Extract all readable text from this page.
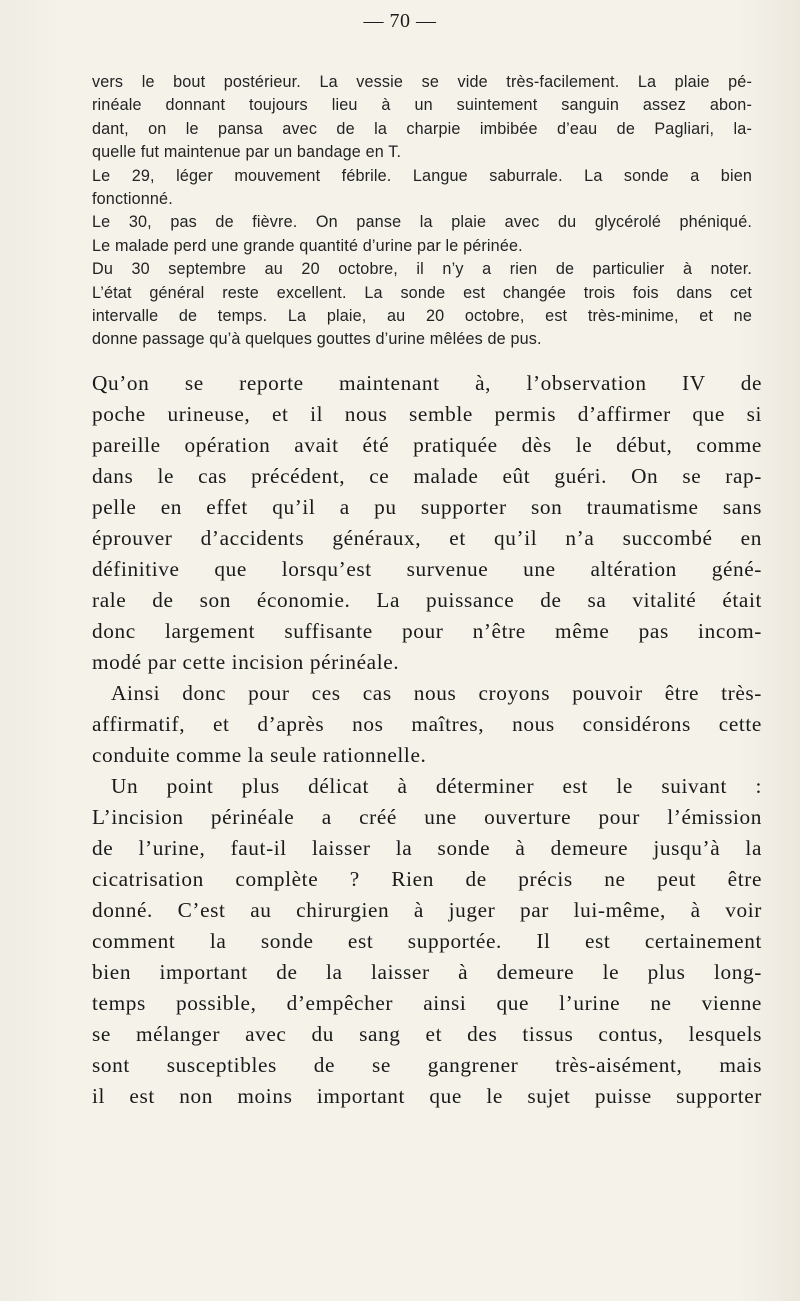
— 70 —
vers le bout postérieur. La vessie se vide très-facilement. La plaie pé-
rinéale donnant toujours lieu à un suintement sanguin assez abon-
dant, on le pansa avec de la charpie imbibée d’eau de Pagliari, la-
quelle fut maintenue par un bandage en T.
Le 29, léger mouvement fébrile. Langue saburrale. La sonde a bien
fonctionné.
Le 30, pas de fièvre. On panse la plaie avec du glycérolé phéniqué.
Le malade perd une grande quantité d’urine par le périnée.
Du 30 septembre au 20 octobre, il n’y a rien de particulier à noter.
L’état général reste excellent. La sonde est changée trois fois dans cet
intervalle de temps. La plaie, au 20 octobre, est très-minime, et ne
donne passage qu’à quelques gouttes d’urine mêlées de pus.
Qu’on se reporte maintenant à, l’observation IV de
poche urineuse, et il nous semble permis d’affirmer que si
pareille opération avait été pratiquée dès le début, comme
dans le cas précédent, ce malade eût guéri. On se rap-
pelle en effet qu’il a pu supporter son traumatisme sans
éprouver d’accidents généraux, et qu’il n’a succombé en
définitive que lorsqu’est survenue une altération géné-
rale de son économie. La puissance de sa vitalité était
donc largement suffisante pour n’être même pas incom-
modé par cette incision périnéale.
Ainsi donc pour ces cas nous croyons pouvoir être très-
affirmatif, et d’après nos maîtres, nous considérons cette
conduite comme la seule rationnelle.
Un point plus délicat à déterminer est le suivant :
L’incision périnéale a créé une ouverture pour l’émission
de l’urine, faut-il laisser la sonde à demeure jusqu’à la
cicatrisation complète ? Rien de précis ne peut être
donné. C’est au chirurgien à juger par lui-même, à voir
comment la sonde est supportée. Il est certainement
bien important de la laisser à demeure le plus long-
temps possible, d’empêcher ainsi que l’urine ne vienne
se mélanger avec du sang et des tissus contus, lesquels
sont susceptibles de se gangrener très-aisément, mais
il est non moins important que le sujet puisse supporter
